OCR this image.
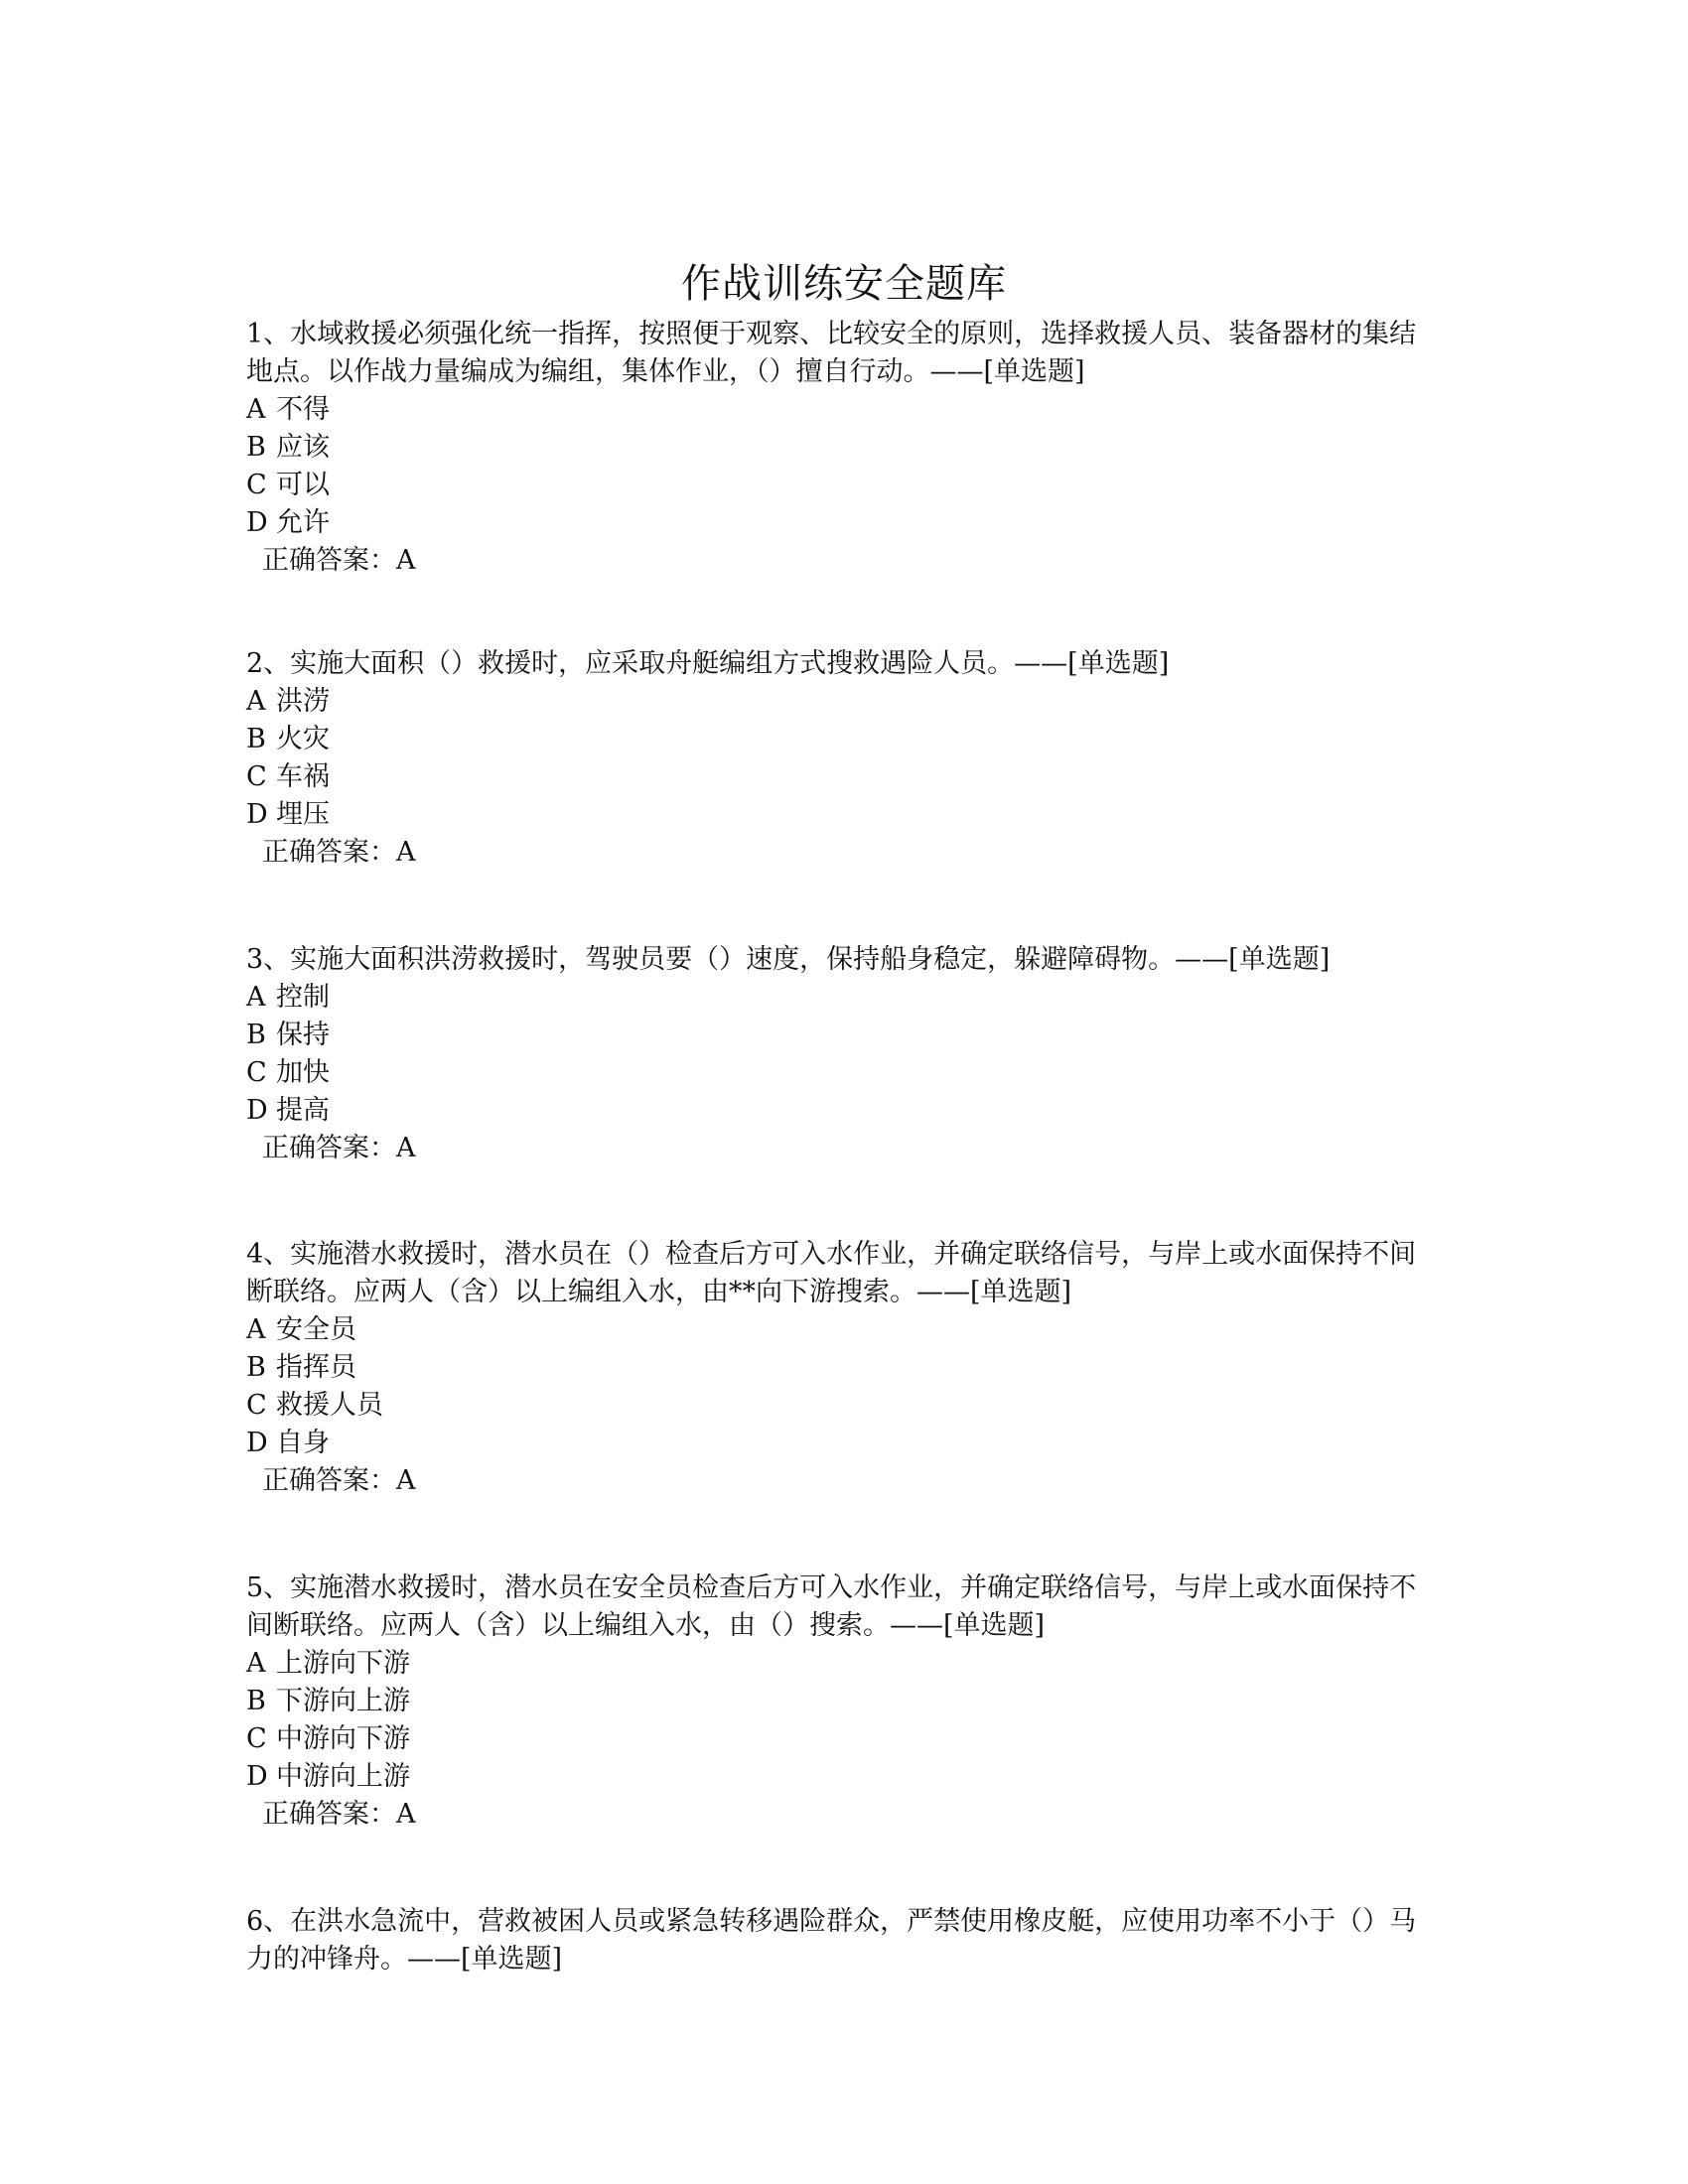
作战训练安全题库

1、水域救援必须强化统一指挥，按照便于观察、比较安全的原则，选择救援人员、装备器材的集结地点。以作战力量编成为编组，集体作业，（）擅自行动。——[单选题]

A 不得

B 应该

C 可以

D 允许

正确答案：A

2、实施大面积（）救援时，应采取舟艇编组方式搜救遇险人员。——[单选题]

A 洪涝

B 火灾

C 车祸

D 埋压

正确答案：A

3、实施大面积洪涝救援时，驾驶员要（）速度，保持船身稳定，躲避障碍物。——[单选题]

A 控制

B 保持

C 加快

D 提高

正确答案：A

4、实施潜水救援时，潜水员在（）检查后方可入水作业，并确定联络信号，与岸上或水面保持不间断联络。应两人（含）以上编组入水，由**向下游搜索。——[单选题]

A 安全员

B 指挥员

C 救援人员

D 自身

正确答案：A

5、实施潜水救援时，潜水员在安全员检查后方可入水作业，并确定联络信号，与岸上或水面保持不间断联络。应两人（含）以上编组入水，由（）搜索。——[单选题]

A 上游向下游

B 下游向上游

C 中游向下游

D 中游向上游

正确答案：A

6、在洪水急流中，营救被困人员或紧急转移遇险群众，严禁使用橡皮艇，应使用功率不小于（）马力的冲锋舟。——[单选题]
